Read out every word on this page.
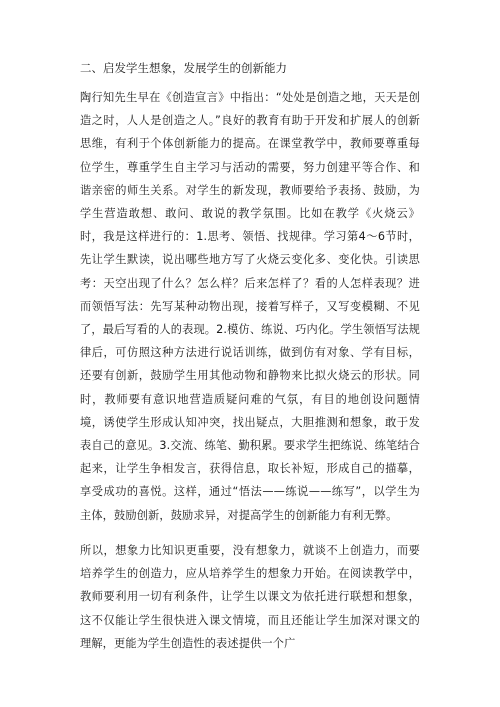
二、启发学生想象，发展学生的创新能力
陶行知先生早在《创造宣言》中指出：“处处是创造之地，天天是创造之时，人人是创造之人。”良好的教育有助于开发和扩展人的创新思维，有利于个体创新能力的提高。在课堂教学中，教师要尊重每位学生，尊重学生自主学习与活动的需要，努力创建平等合作、和谐亲密的师生关系。对学生的新发现，教师要给予表扬、鼓励，为学生营造敢想、敢问、敢说的教学氛围。比如在教学《火烧云》时，我是这样进行的：1.思考、领悟、找规律。学习第4～6节时，先让学生默读，说出哪些地方写了火烧云变化多、变化快。引读思考：天空出现了什么？怎么样？后来怎样了？看的人怎样表现？进而领悟写法：先写某种动物出现，接着写样子，又写变模糊、不见了，最后写看的人的表现。2.模仿、练说、巧内化。学生领悟写法规律后，可仿照这种方法进行说话训练，做到仿有对象、学有目标，还要有创新，鼓励学生用其他动物和静物来比拟火烧云的形状。同时，教师要有意识地营造质疑问难的气氛，有目的地创设问题情境，诱使学生形成认知冲突，找出疑点，大胆推测和想象，敢于发表自己的意见。3.交流、练笔、勤积累。要求学生把练说、练笔结合起来，让学生争相发言，获得信息，取长补短，形成自己的描摹，享受成功的喜悦。这样，通过“悟法——练说——练写”，以学生为主体，鼓励创新，鼓励求异，对提高学生的创新能力有利无弊。
所以，想象力比知识更重要，没有想象力，就谈不上创造力，而要培养学生的创造力，应从培养学生的想象力开始。在阅读教学中，教师要利用一切有利条件，让学生以课文为依托进行联想和想象，这不仅能让学生很快进入课文情境，而且还能让学生加深对课文的理解，更能为学生创造性的表述提供一个广
